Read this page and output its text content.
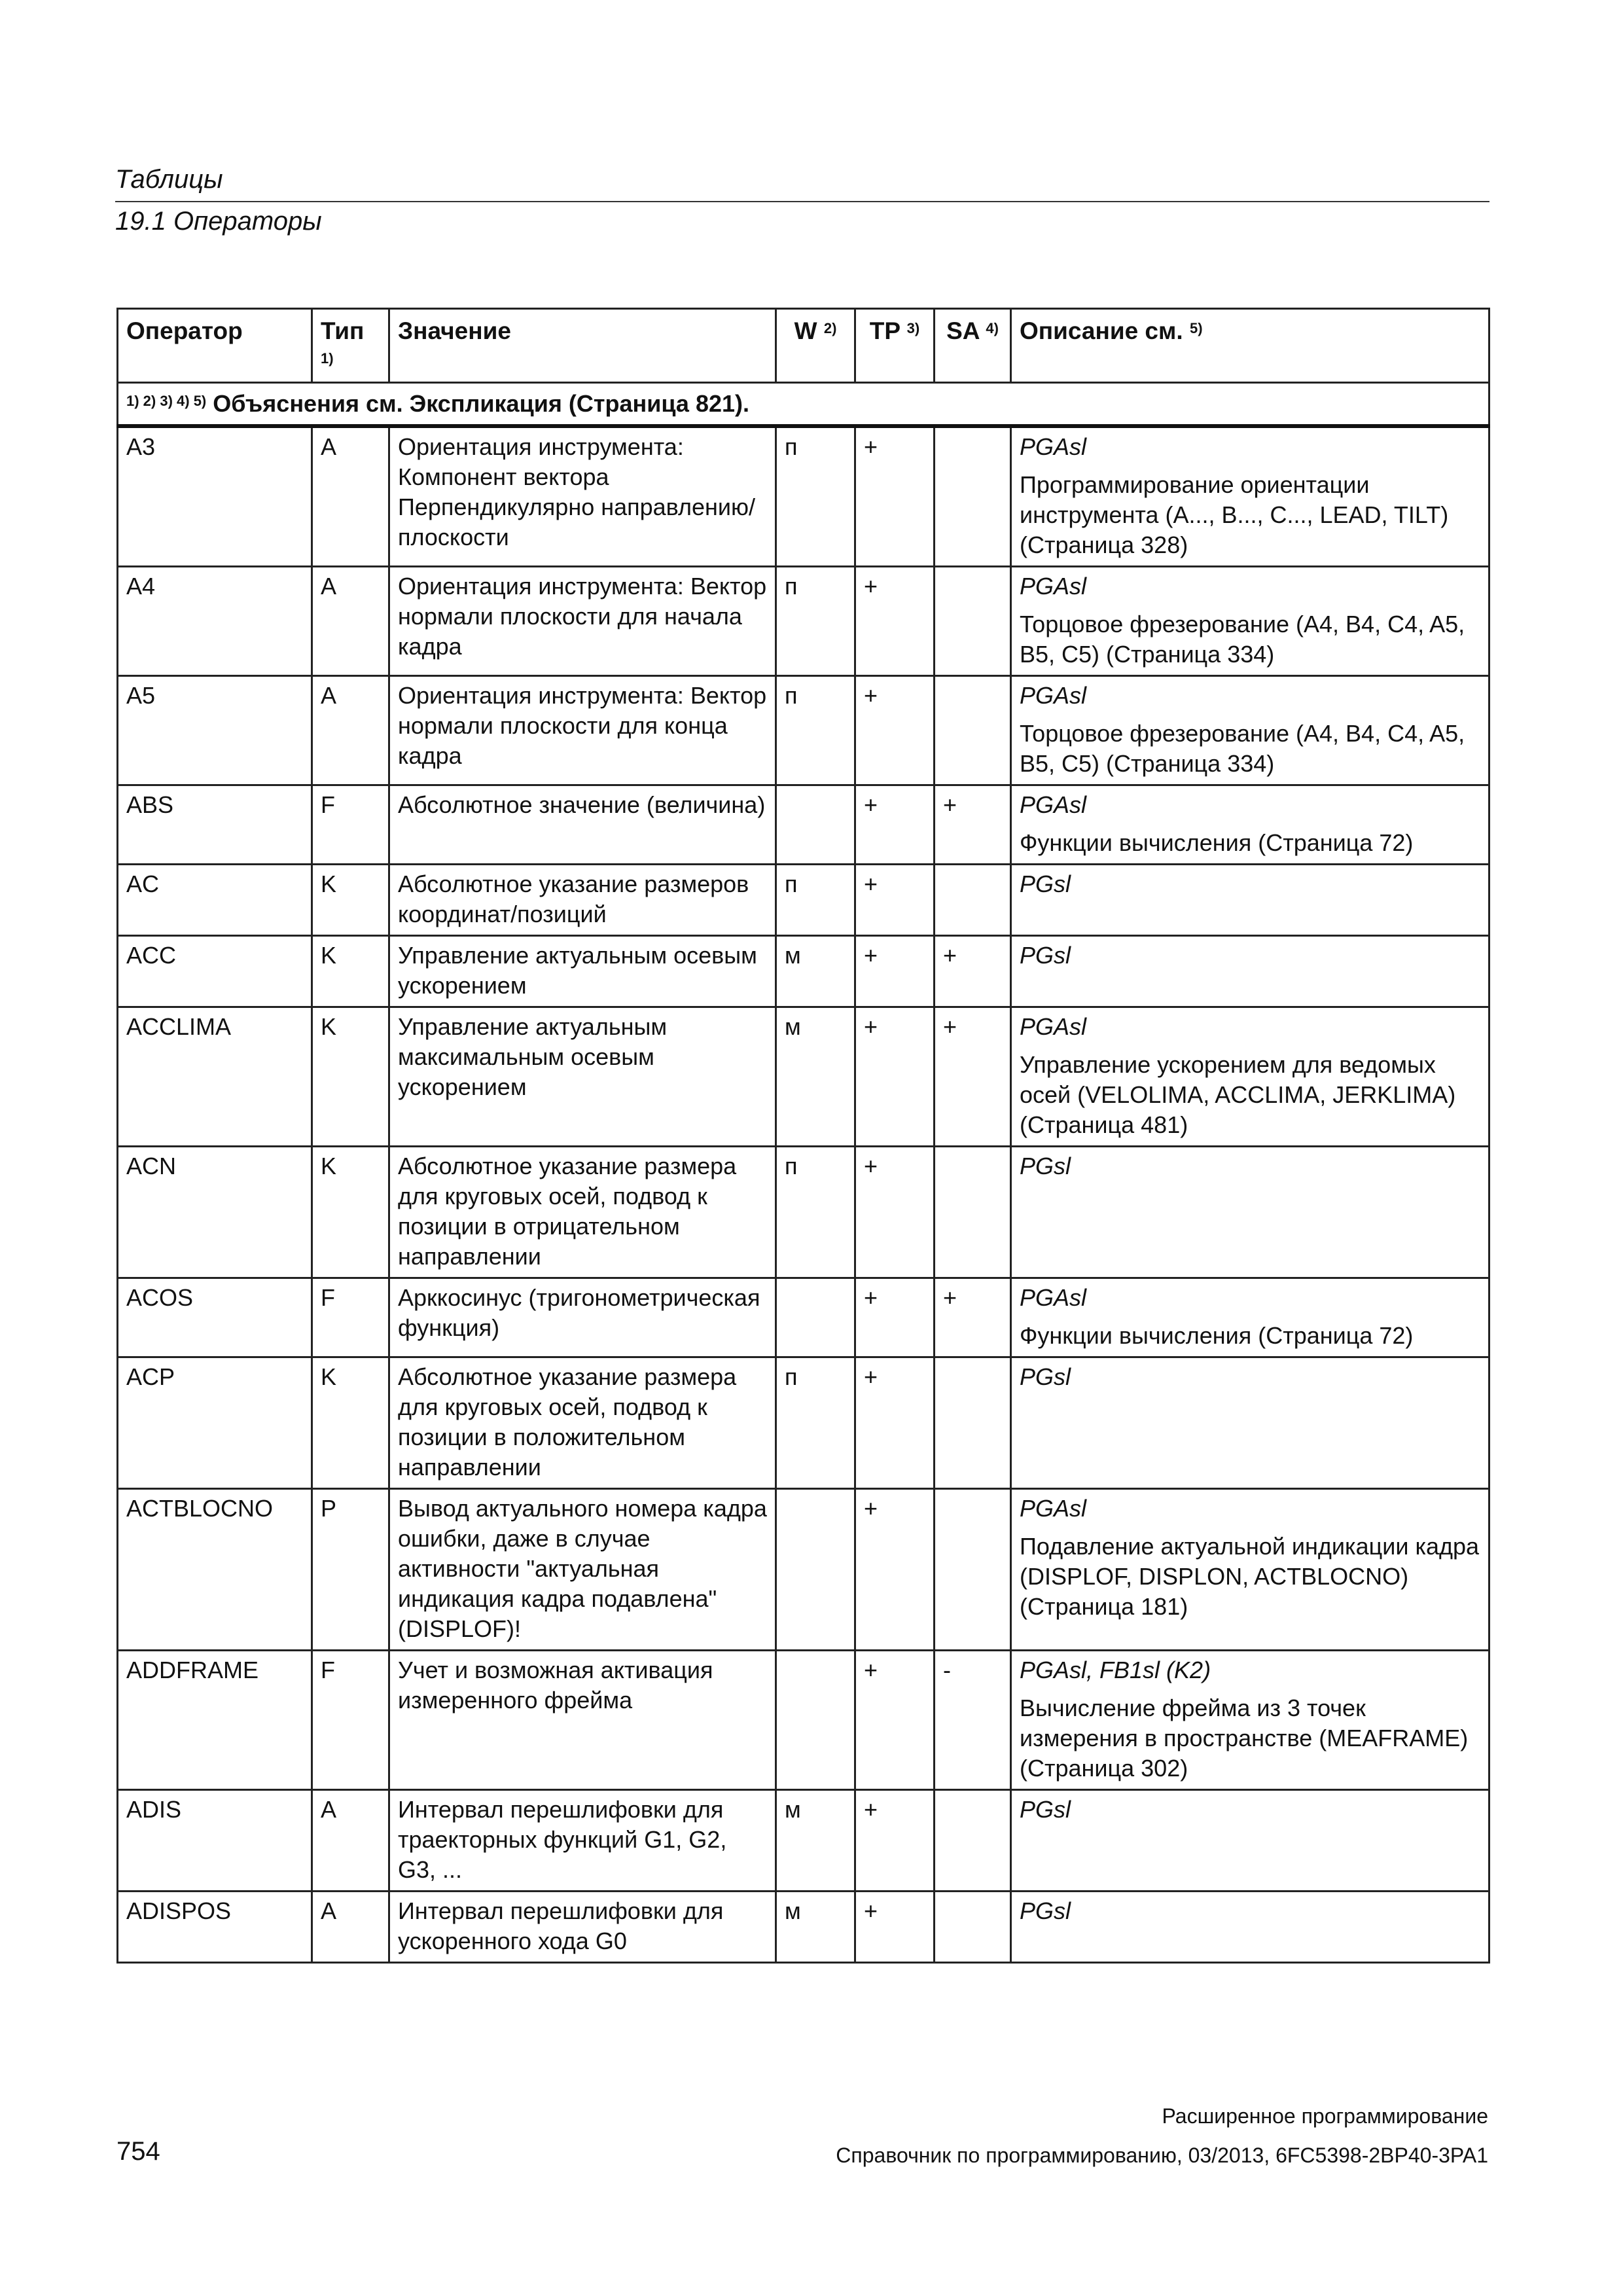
Таблицы
19.1 Операторы
Оператор	Тип $^{1)}$	Значение	W $^{2)}$	TP $^{3)}$	SA $^{4)}$	Описание см. $^{5)}$
$^{1) 2) 3) 4) 5)}$ Объяснения см. Экспликация (Страница 821).						
A3	A	Ориентация инструмента: Компонент вектора Перпендикулярно направлению/плоскости	п	+		PGAsl
Программирование ориентации инструмента (A..., B..., C..., LEAD, TILT) (Страница 328)

A4	A	Ориентация инструмента: Вектор нормали плоскости для начала кадра	п	+		PGAsl
Торцовое фрезерование (A4, B4, C4, A5, B5, C5) (Страница 334)

A5	A	Ориентация инструмента: Вектор нормали плоскости для конца кадра	п	+		PGAsl
Торцовое фрезерование (A4, B4, C4, A5, B5, C5) (Страница 334)

ABS	F	Абсолютное значение (величина)		+	+	PGAsl
Функции вычисления (Страница 72)

AC	K	Абсолютное указание размеров координат/позиций	п	+		PGsl

ACC	K	Управление актуальным осевым ускорением	м	+	+	PGsl

ACCLIMA	K	Управление актуальным максимальным осевым ускорением	м	+	+	PGAsl
Управление ускорением для ведомых осей (VELOLIMA, ACCLIMA, JERKLIMA) (Страница 481)

ACN	K	Абсолютное указание размера для круговых осей, подвод к позиции в отрицательном направлении	п	+		PGsl

ACOS	F	Арккосинус (тригонометрическая функция)		+	+	PGAsl
Функции вычисления (Страница 72)

ACP	K	Абсолютное указание размера для круговых осей, подвод к позиции в положительном направлении	п	+		PGsl

ACTBLOCNO	P	Вывод актуального номера кадра ошибки, даже в случае активности "актуальная индикация кадра подавлена" (DISPLOF)!		+		PGAsl
Подавление актуальной индикации кадра (DISPLOF, DISPLON, ACTBLOCNO) (Страница 181)

ADDFRAME	F	Учет и возможная активация измеренного фрейма		+	-	PGAsl, FB1sl (K2)
Вычисление фрейма из 3 точек измерения в пространстве (MEAFRAME) (Страница 302)

ADIS	A	Интервал перешлифовки для траекторных функций G1, G2, G3, ...	м	+		PGsl

ADISPOS	A	Интервал перешлифовки для ускоренного хода G0	м	+		PGsl
Расширенное программирование
754	Справочник по программированию, 03/2013, 6FC5398-2BP40-3PA1
